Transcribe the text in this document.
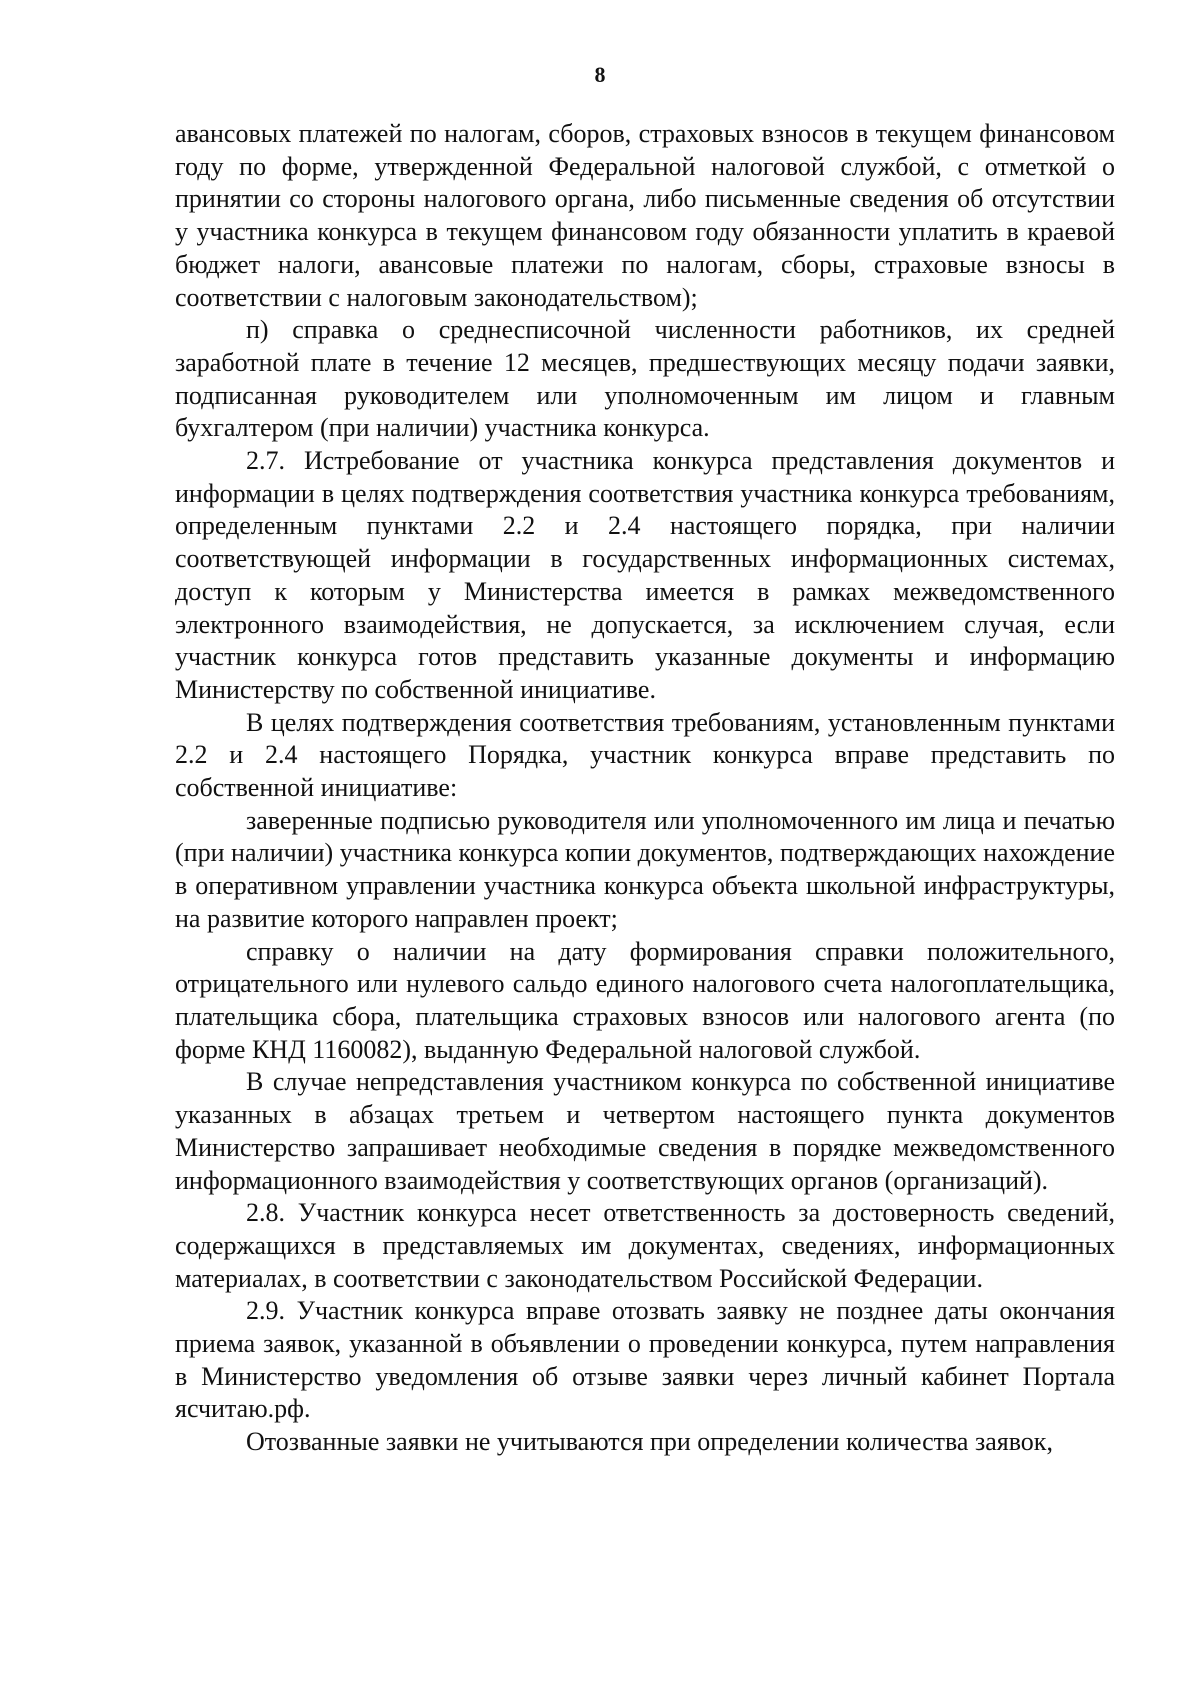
8

авансовых платежей по налогам, сборов, страховых взносов в текущем финансовом году по форме, утвержденной Федеральной налоговой службой, с отметкой о принятии со стороны налогового органа, либо письменные сведения об отсутствии у участника конкурса в текущем финансовом году обязанности уплатить в краевой бюджет налоги, авансовые платежи по налогам, сборы, страховые взносы в соответствии с налоговым законодательством);

п) справка о среднесписочной численности работников, их средней заработной плате в течение 12 месяцев, предшествующих месяцу подачи заявки, подписанная руководителем или уполномоченным им лицом и главным бухгалтером (при наличии) участника конкурса.

2.7. Истребование от участника конкурса представления документов и информации в целях подтверждения соответствия участника конкурса требованиям, определенным пунктами 2.2 и 2.4 настоящего порядка, при наличии соответствующей информации в государственных информационных системах, доступ к которым у Министерства имеется в рамках межведомственного электронного взаимодействия, не допускается, за исключением случая, если участник конкурса готов представить указанные документы и информацию Министерству по собственной инициативе.

В целях подтверждения соответствия требованиям, установленным пунктами 2.2 и 2.4 настоящего Порядка, участник конкурса вправе представить по собственной инициативе:

заверенные подписью руководителя или уполномоченного им лица и печатью (при наличии) участника конкурса копии документов, подтверждающих нахождение в оперативном управлении участника конкурса объекта школьной инфраструктуры, на развитие которого направлен проект;

справку о наличии на дату формирования справки положительного, отрицательного или нулевого сальдо единого налогового счета налогоплательщика, плательщика сбора, плательщика страховых взносов или налогового агента (по форме КНД 1160082), выданную Федеральной налоговой службой.

В случае непредставления участником конкурса по собственной инициативе указанных в абзацах третьем и четвертом настоящего пункта документов Министерство запрашивает необходимые сведения в порядке межведомственного информационного взаимодействия у соответствующих органов (организаций).

2.8. Участник конкурса несет ответственность за достоверность сведений, содержащихся в представляемых им документах, сведениях, информационных материалах, в соответствии с законодательством Российской Федерации.

2.9. Участник конкурса вправе отозвать заявку не позднее даты окончания приема заявок, указанной в объявлении о проведении конкурса, путем направления в Министерство уведомления об отзыве заявки через личный кабинет Портала ясчитаю.рф.

Отозванные заявки не учитываются при определении количества заявок,
